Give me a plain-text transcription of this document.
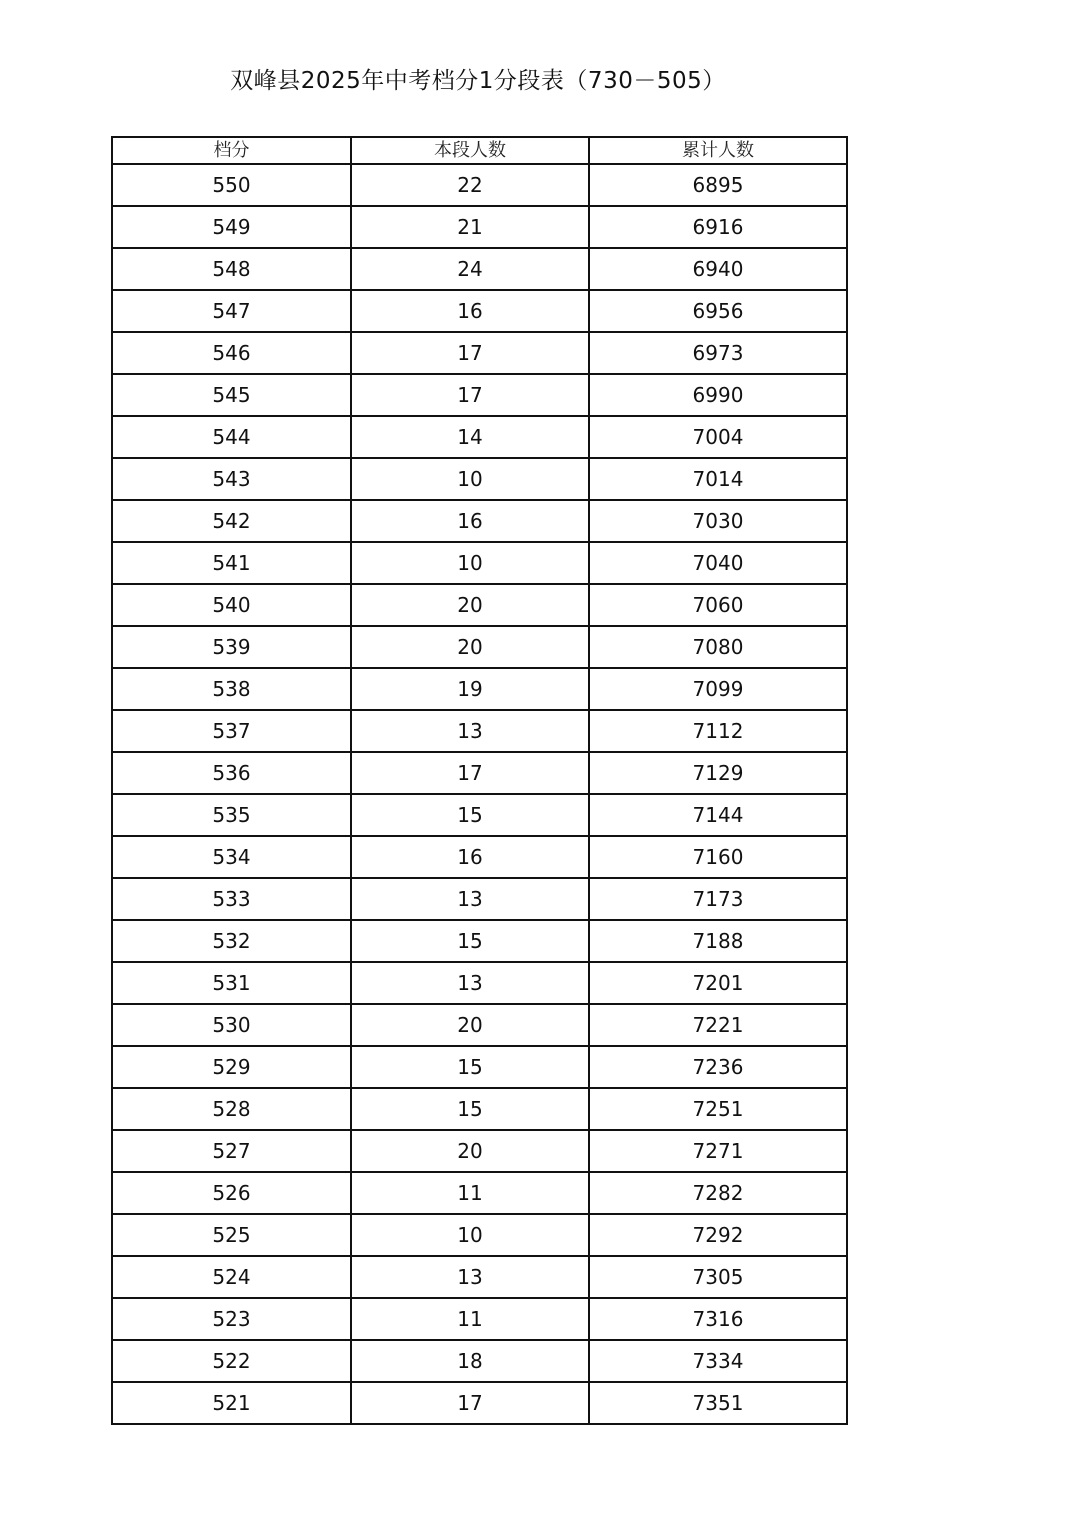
双峰县2025年中考档分1分段表（730－505）
档分	本段人数	累计人数
550	22	6895
549	21	6916
548	24	6940
547	16	6956
546	17	6973
545	17	6990
544	14	7004
543	10	7014
542	16	7030
541	10	7040
540	20	7060
539	20	7080
538	19	7099
537	13	7112
536	17	7129
535	15	7144
534	16	7160
533	13	7173
532	15	7188
531	13	7201
530	20	7221
529	15	7236
528	15	7251
527	20	7271
526	11	7282
525	10	7292
524	13	7305
523	11	7316
522	18	7334
521	17	7351
